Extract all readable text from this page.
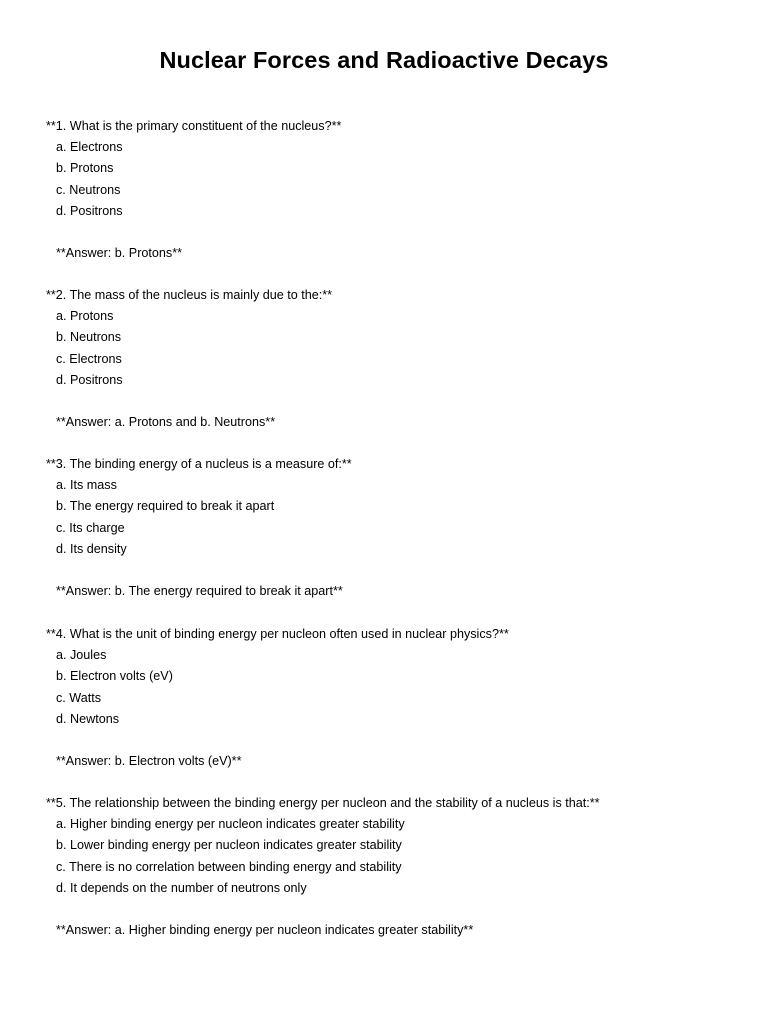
Nuclear Forces and Radioactive Decays
**1. What is the primary constituent of the nucleus?**
a. Electrons
b. Protons
c. Neutrons
d. Positrons
**Answer: b. Protons**
**2. The mass of the nucleus is mainly due to the:**
a. Protons
b. Neutrons
c. Electrons
d. Positrons
**Answer: a. Protons and b. Neutrons**
**3. The binding energy of a nucleus is a measure of:**
a. Its mass
b. The energy required to break it apart
c. Its charge
d. Its density
**Answer: b. The energy required to break it apart**
**4. What is the unit of binding energy per nucleon often used in nuclear physics?**
a. Joules
b. Electron volts (eV)
c. Watts
d. Newtons
**Answer: b. Electron volts (eV)**
**5. The relationship between the binding energy per nucleon and the stability of a nucleus is that:**
a. Higher binding energy per nucleon indicates greater stability
b. Lower binding energy per nucleon indicates greater stability
c. There is no correlation between binding energy and stability
d. It depends on the number of neutrons only
**Answer: a. Higher binding energy per nucleon indicates greater stability**
